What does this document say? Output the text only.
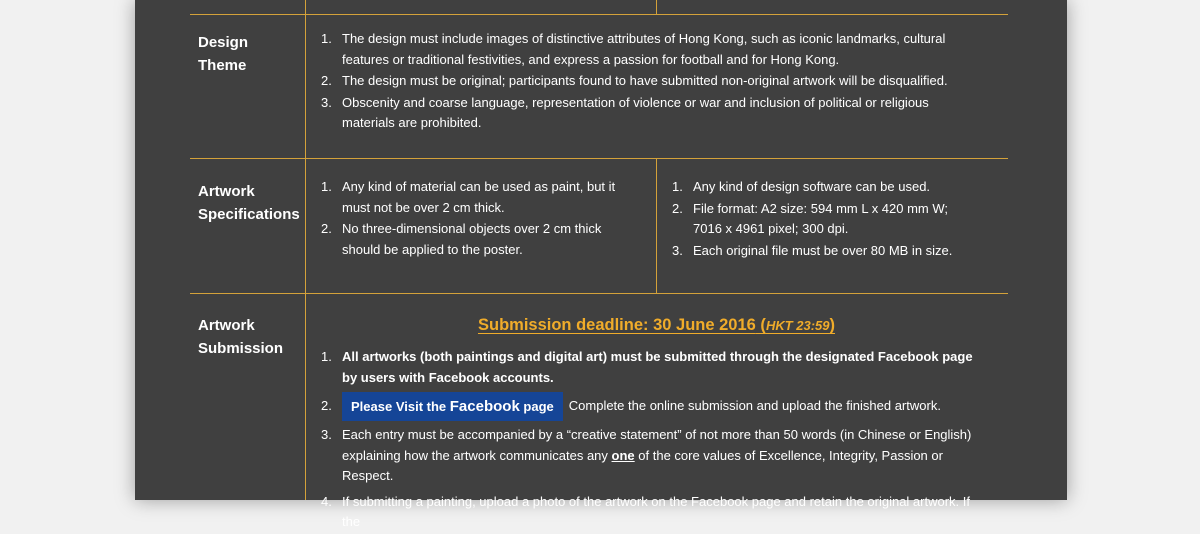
Design
Theme
1. The design must include images of distinctive attributes of Hong Kong, such as iconic landmarks, cultural features or traditional festivities, and express a passion for football and for Hong Kong.
2. The design must be original; participants found to have submitted non-original artwork will be disqualified.
3. Obscenity and coarse language, representation of violence or war and inclusion of political or religious materials are prohibited.
Artwork
Specifications
1. Any kind of material can be used as paint, but it must not be over 2 cm thick.
2. No three-dimensional objects over 2 cm thick should be applied to the poster.
1. Any kind of design software can be used.
2. File format: A2 size: 594 mm L x 420 mm W; 7016 x 4961 pixel; 300 dpi.
3. Each original file must be over 80 MB in size.
Artwork
Submission
Submission deadline: 30 June 2016 (HKT 23:59)
1. All artworks (both paintings and digital art) must be submitted through the designated Facebook page by users with Facebook accounts.
2. Please Visit the Facebook page Complete the online submission and upload the finished artwork.
3. Each entry must be accompanied by a “creative statement” of not more than 50 words (in Chinese or English) explaining how the artwork communicates any one of the core values of Excellence, Integrity, Passion or Respect.
4. If submitting a painting, upload a photo of the artwork on the Facebook page and retain the original artwork. If the
